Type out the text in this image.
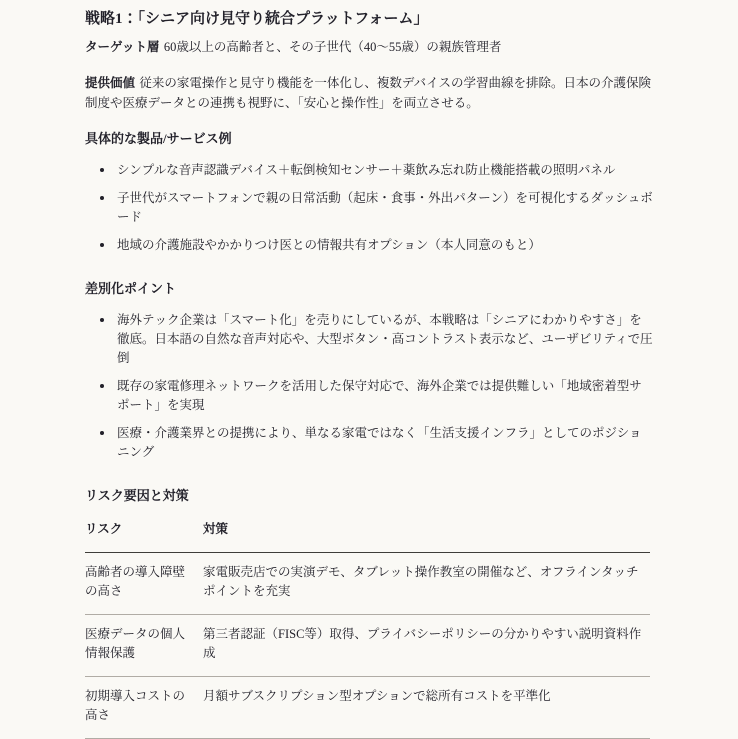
戦略1：「シニア向け見守り統合プラットフォーム」

ターゲット層 60歳以上の高齢者と、その子世代（40〜55歳）の親族管理者

提供価値 従来の家電操作と見守り機能を一体化し、複数デバイスの学習曲線を排除。日本の介護保険制度や医療データとの連携も視野に、「安心と操作性」を両立させる。

具体的な製品/サービス例
シンプルな音声認識デバイス＋転倒検知センサー＋薬飲み忘れ防止機能搭載の照明パネル
子世代がスマートフォンで親の日常活動（起床・食事・外出パターン）を可視化するダッシュボード
地域の介護施設やかかりつけ医との情報共有オプション（本人同意のもと）
差別化ポイント
海外テック企業は「スマート化」を売りにしているが、本戦略は「シニアにわかりやすさ」を徹底。日本語の自然な音声対応や、大型ボタン・高コントラスト表示など、ユーザビリティで圧倒
既存の家電修理ネットワークを活用した保守対応で、海外企業では提供難しい「地域密着型サポート」を実現
医療・介護業界との提携により、単なる家電ではなく「生活支援インフラ」としてのポジショニング
リスク要因と対策
リスク	対策
高齢者の導入障壁の高さ	家電販売店での実演デモ、タブレット操作教室の開催など、オフラインタッチポイントを充実
医療データの個人情報保護	第三者認証（FISC等）取得、プライバシーポリシーの分かりやすい説明資料作成
初期導入コストの高さ	月額サブスクリプション型オプションで総所有コストを平準化
